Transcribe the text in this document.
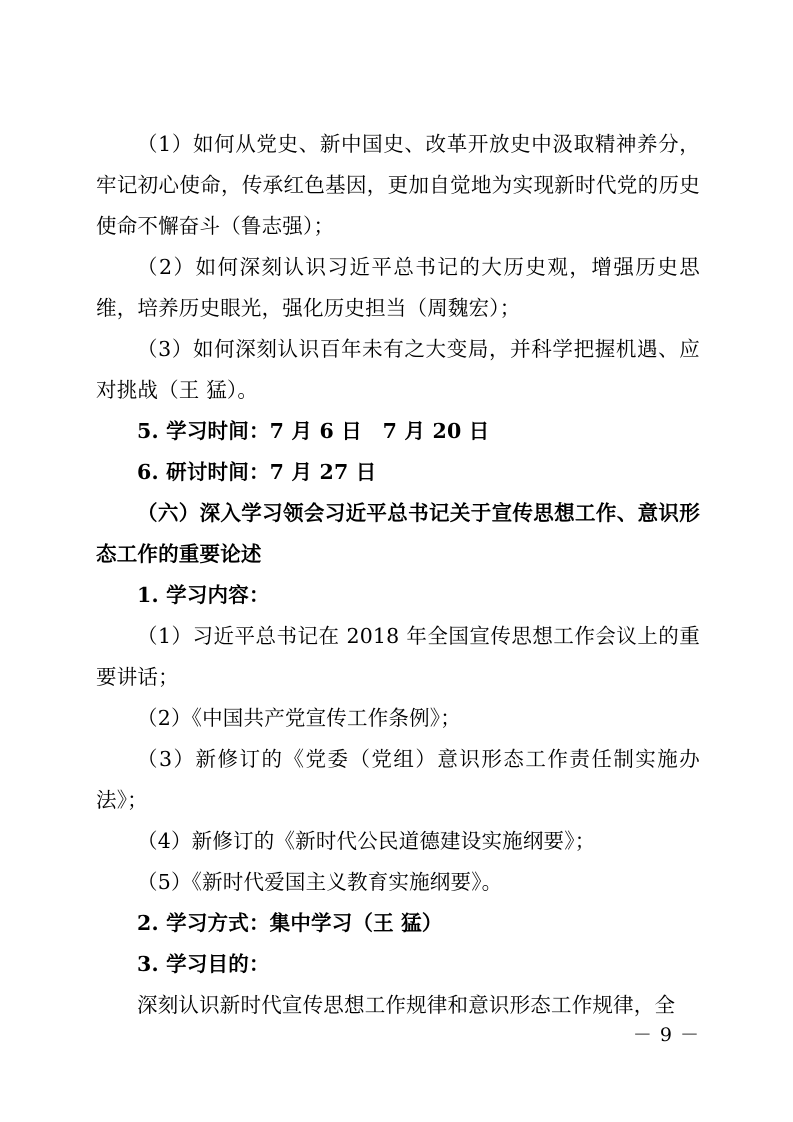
（1）如何从党史、新中国史、改革开放史中汲取精神养分，牢记初心使命，传承红色基因，更加自觉地为实现新时代党的历史使命不懈奋斗（鲁志强）；

（2）如何深刻认识习近平总书记的大历史观，增强历史思维，培养历史眼光，强化历史担当（周魏宏）；

（3）如何深刻认识百年未有之大变局，并科学把握机遇、应对挑战（王 猛）。

5. 学习时间：7 月 6 日　7 月 20 日

6. 研讨时间：7 月 27 日

（六）深入学习领会习近平总书记关于宣传思想工作、意识形态工作的重要论述

1. 学习内容：

（1）习近平总书记在 2018 年全国宣传思想工作会议上的重要讲话；

（2）《中国共产党宣传工作条例》；

（3）新修订的《党委（党组）意识形态工作责任制实施办法》；

（4）新修订的《新时代公民道德建设实施纲要》；

（5）《新时代爱国主义教育实施纲要》。

2. 学习方式：集中学习（王 猛）

3. 学习目的：

深刻认识新时代宣传思想工作规律和意识形态工作规律，全

－ 9 －
